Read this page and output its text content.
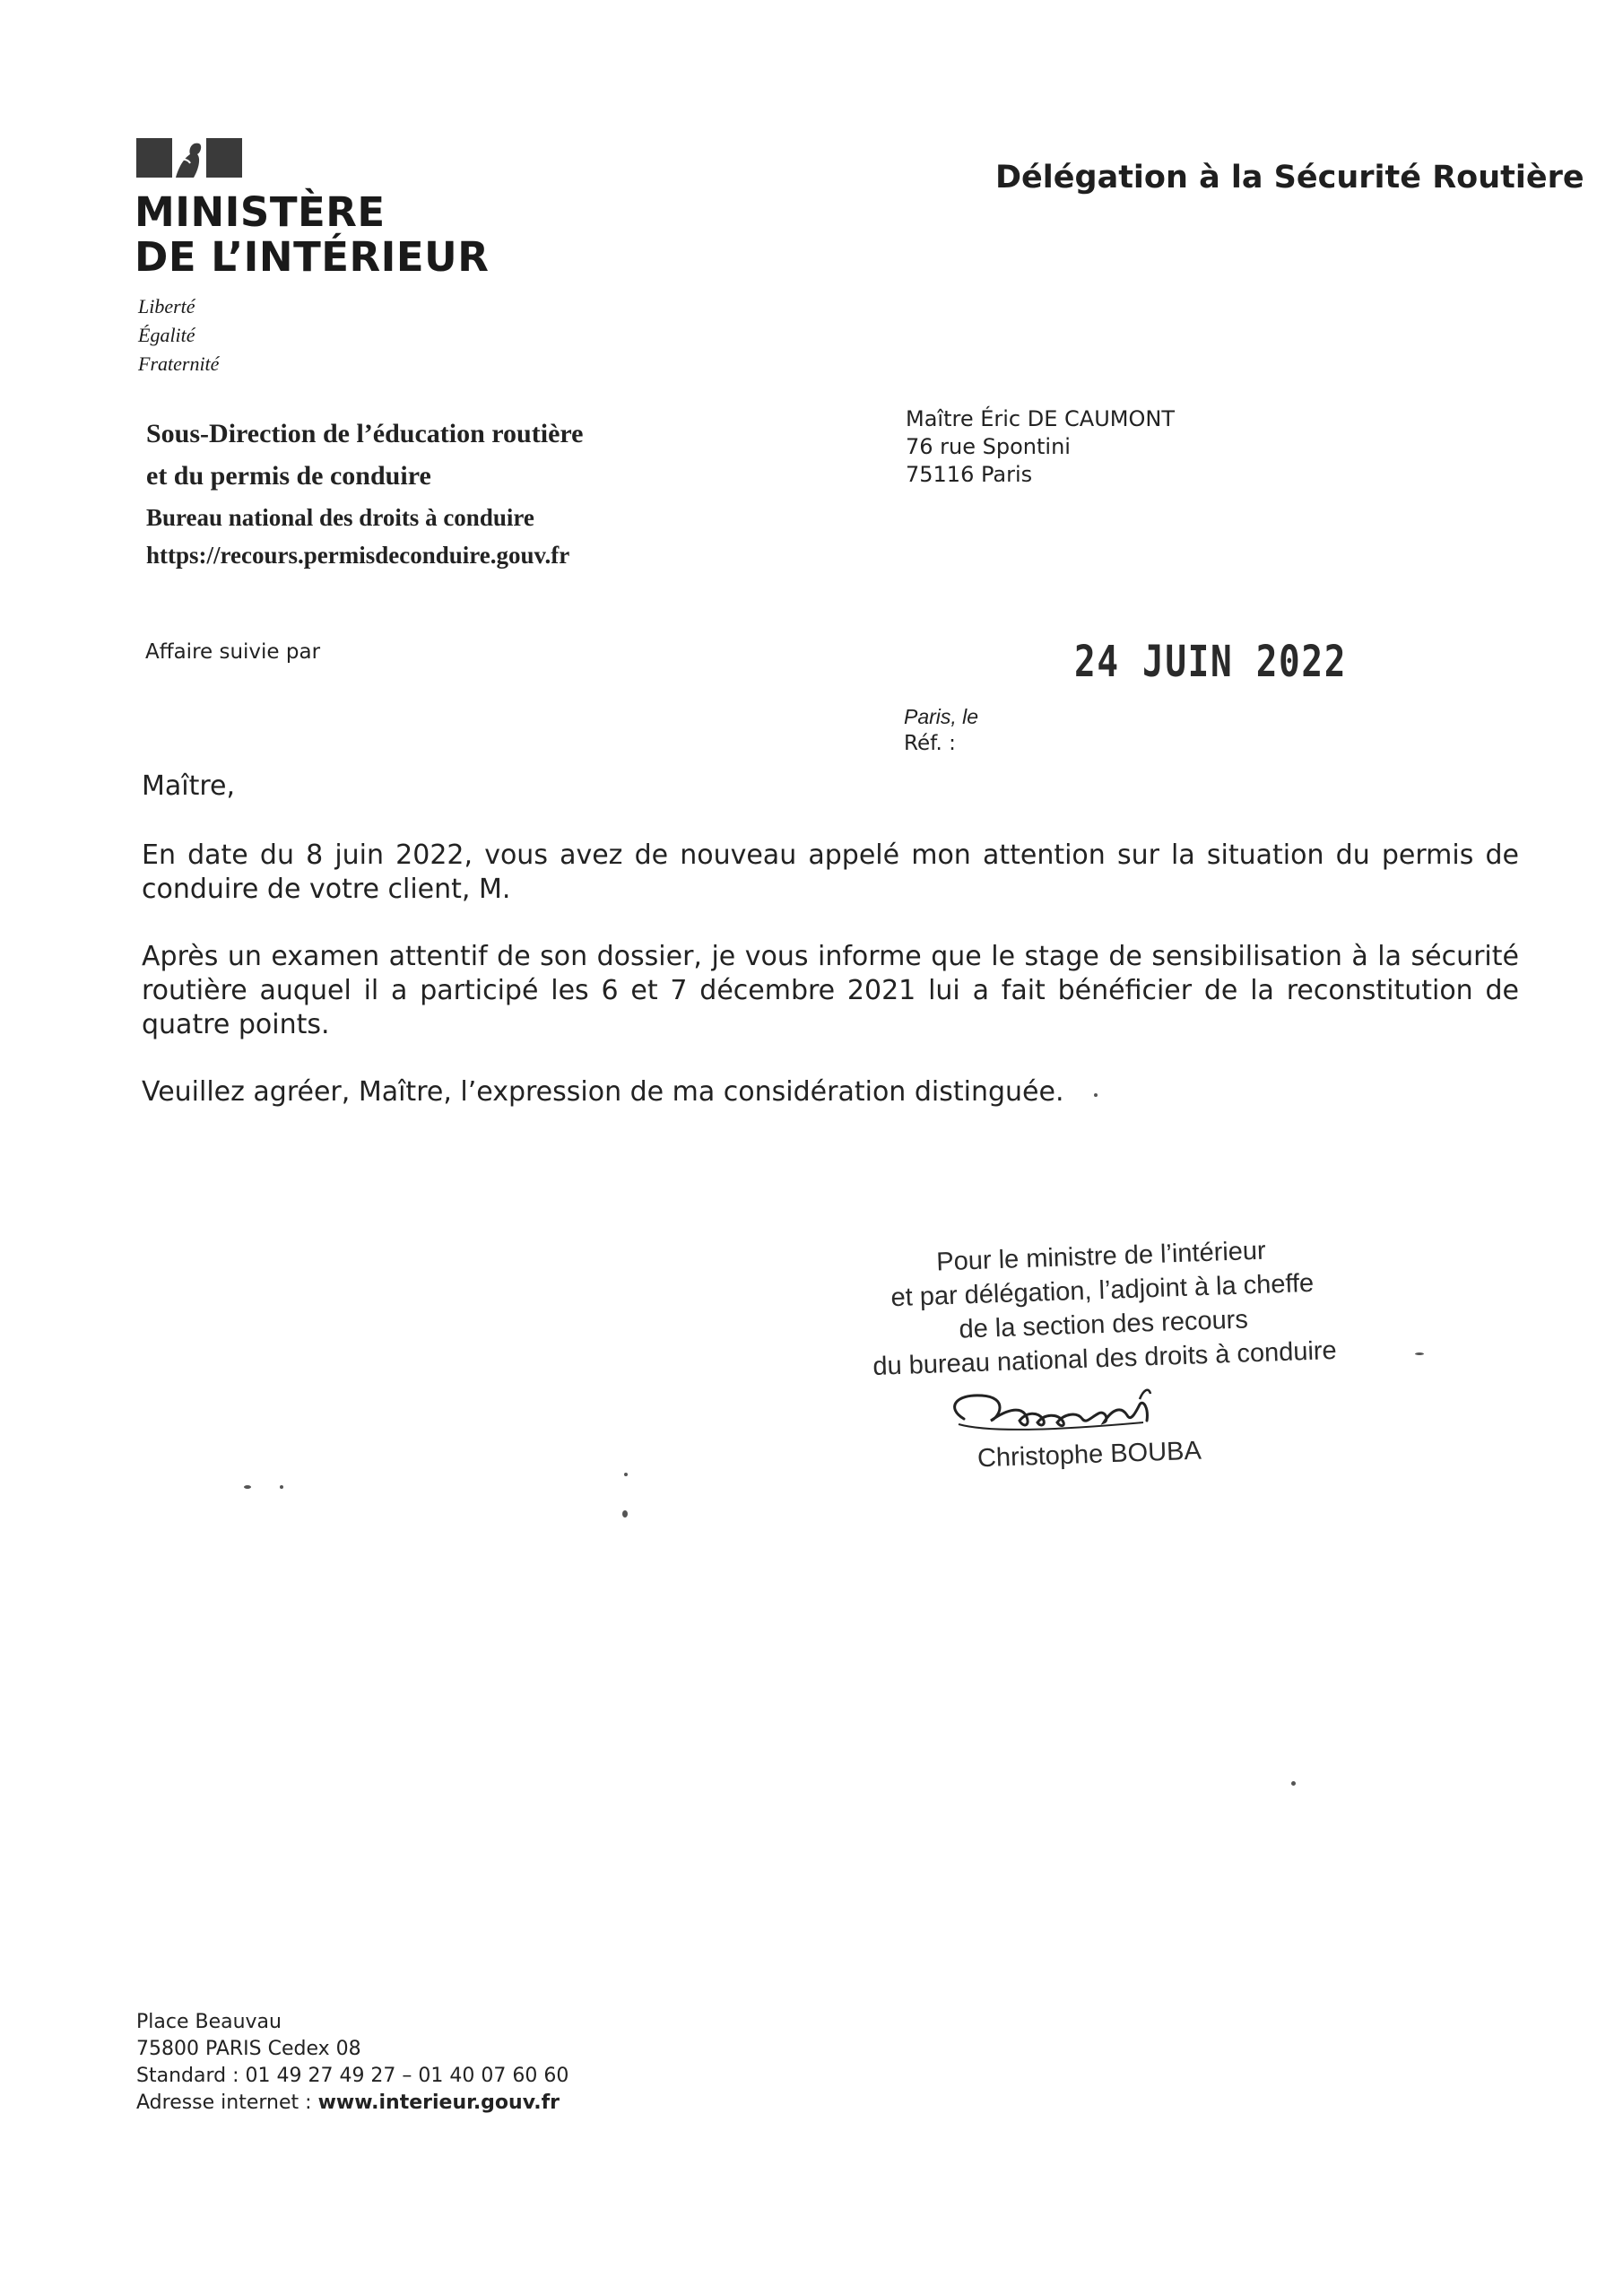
MINISTÈRE
DE L’INTÉRIEUR
Liberté
Égalité
Fraternité
Délégation à la Sécurité Routière
Sous-Direction de l’éducation routière
et du permis de conduire
Bureau national des droits à conduire
https://recours.permisdeconduire.gouv.fr
Maître Éric DE CAUMONT
76 rue Spontini
75116 Paris
Affaire suivie par	24 JUIN 2022
Paris, le
Réf. :
Maître,
En date du 8 juin 2022, vous avez de nouveau appelé mon attention sur la situation du permis de conduire de votre client, M.
Après un examen attentif de son dossier, je vous informe que le stage de sensibilisation à la sécurité routière auquel il a participé les 6 et 7 décembre 2021 lui a fait bénéficier de la reconstitution de quatre points.
Veuillez agréer, Maître, l’expression de ma considération distinguée.
Pour le ministre de l’intérieur
et par délégation, l’adjoint à la cheffe
de la section des recours
du bureau national des droits à conduire
Christophe BOUBA
Place Beauvau
75800 PARIS Cedex 08
Standard : 01 49 27 49 27 – 01 40 07 60 60
Adresse internet : www.interieur.gouv.fr
